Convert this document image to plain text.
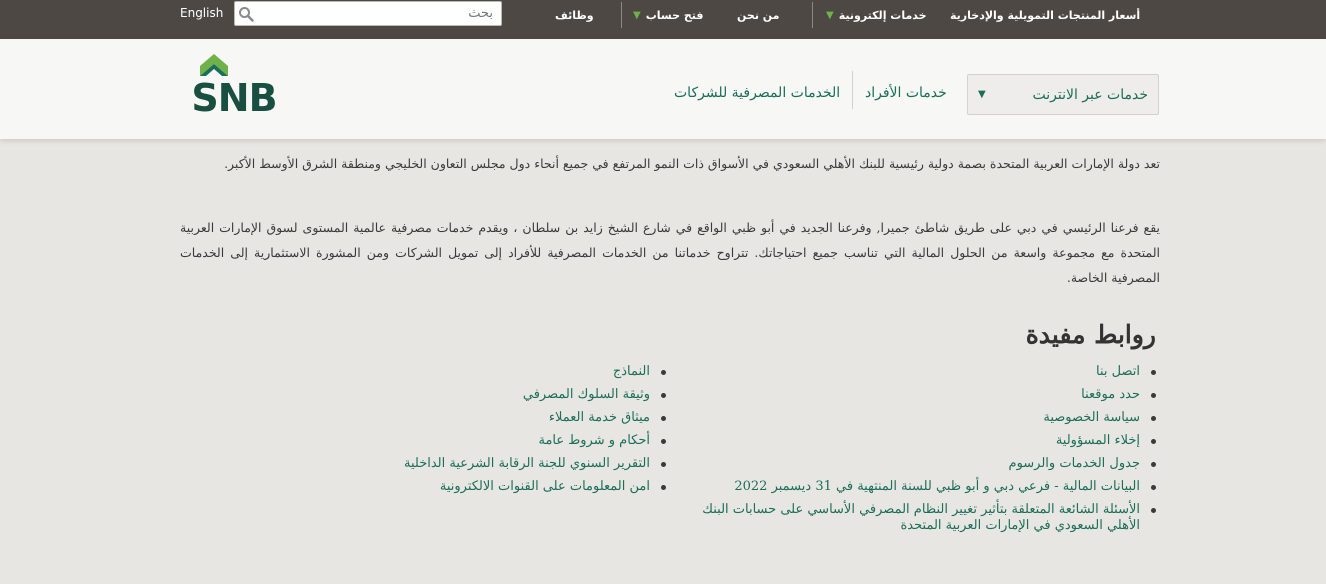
English
بحث	وظائف	فتح حساب
▼	من نحن	خدمات إلكترونية
▼	أسعار المنتجات التمويلية والإدخارية
SNB	خدمات عبر الانترنت
▼
خدمات الأفراد
الخدمات المصرفية للشركات

تعد دولة الإمارات العربية المتحدة بصمة دولية رئيسية للبنك الأهلي السعودي في الأسواق ذات النمو المرتفع في جميع أنحاء دول مجلس التعاون الخليجي ومنطقة الشرق الأوسط الأكبر.

يقع فرعنا الرئيسي في دبي على طريق شاطئ جميرا, وفرعنا الجديد في أبو ظبي الواقع في شارع الشيخ زايد بن سلطان ، ويقدم خدمات مصرفية عالمية المستوى لسوق الإمارات العربية المتحدة مع مجموعة واسعة من الحلول المالية التي تناسب جميع احتياجاتك. تتراوح خدماتنا من الخدمات المصرفية للأفراد إلى تمويل الشركات ومن المشورة الاستثمارية إلى الخدمات المصرفية الخاصة.

روابط مفيدة
اتصل بنا
حدد موقعنا
سياسة الخصوصية
إخلاء المسؤولية
جدول الخدمات والرسوم
البيانات المالية - فرعي دبي و أبو ظبي للسنة المنتهية في 31 ديسمبر 2022
الأسئلة الشائعة المتعلقة بتأثير تغيير النظام المصرفي الأساسي على حسابات البنك الأهلي السعودي في الإمارات العربية المتحدة
النماذج
وثيقة السلوك المصرفي
ميثاق خدمة العملاء
أحكام و شروط عامة
التقرير السنوي للجنة الرقابة الشرعية الداخلية
امن المعلومات على القنوات الالكترونية
